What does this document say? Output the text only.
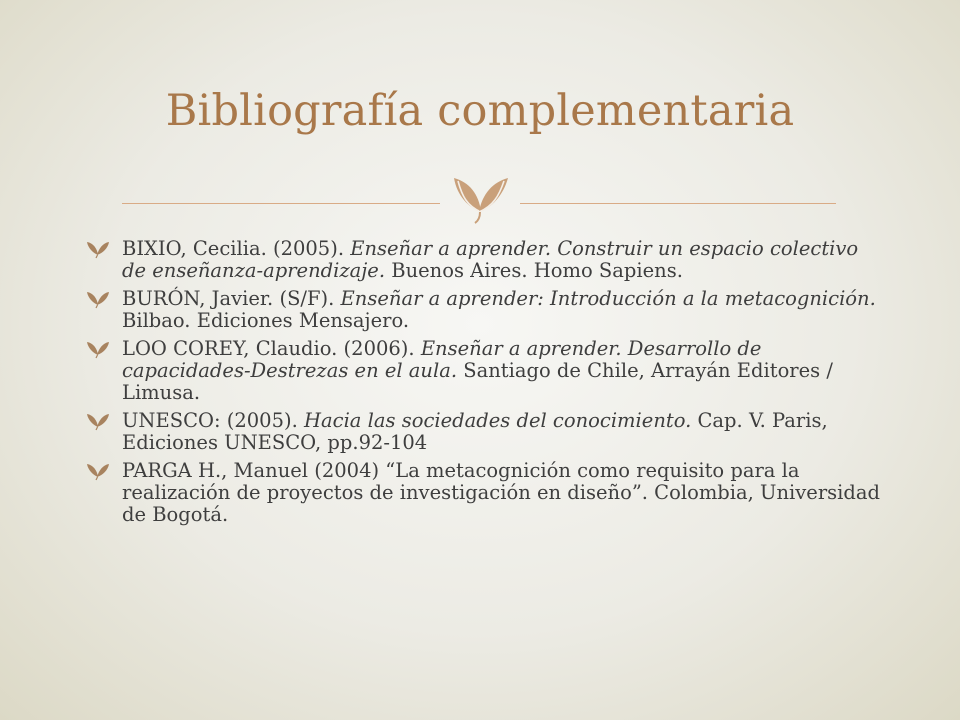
Bibliografía complementaria
BIXIO, Cecilia. (2005). Enseñar a aprender. Construir un espacio colectivo de enseñanza-aprendizaje. Buenos Aires. Homo Sapiens.
BURÓN, Javier. (S/F). Enseñar a aprender: Introducción a la metacognición. Bilbao. Ediciones Mensajero.
LOO COREY, Claudio. (2006). Enseñar a aprender. Desarrollo de capacidades-Destrezas en el aula. Santiago de Chile, Arrayán Editores / Limusa.
UNESCO: (2005). Hacia las sociedades del conocimiento. Cap. V. Paris, Ediciones UNESCO, pp.92-104
PARGA H., Manuel (2004) “La metacognición como requisito para la realización de proyectos de investigación en diseño”. Colombia, Universidad de Bogotá.
